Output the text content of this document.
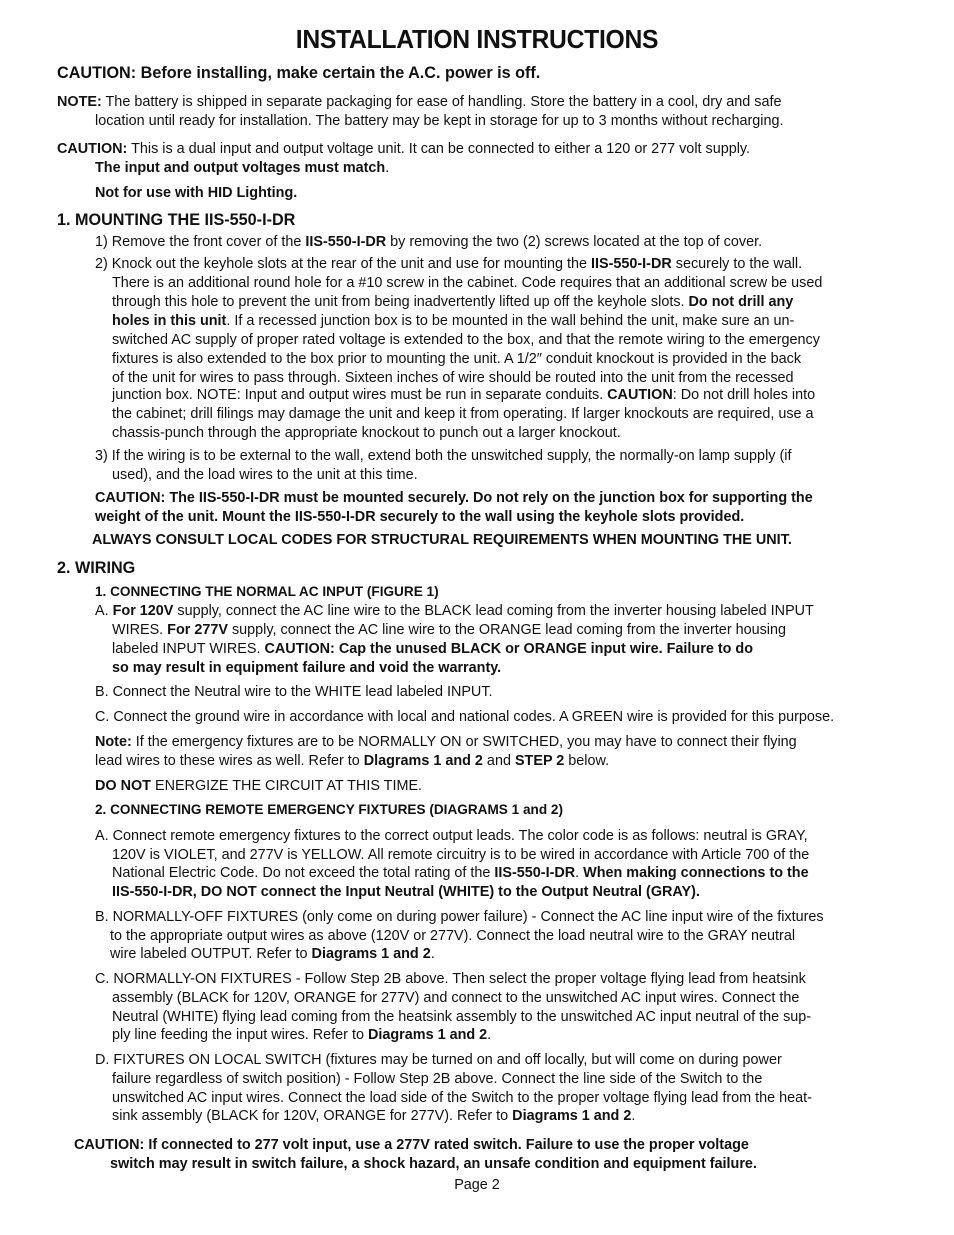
INSTALLATION INSTRUCTIONS
CAUTION: Before installing, make certain the A.C. power is off.
NOTE: The battery is shipped in separate packaging for ease of handling. Store the battery in a cool, dry and safe
location until ready for installation. The battery may be kept in storage for up to 3 months without recharging.
CAUTION: This is a dual input and output voltage unit. It can be connected to either a 120 or 277 volt supply.
The input and output voltages must match.
Not for use with HID Lighting.
1. MOUNTING THE IIS-550-I-DR
1) Remove the front cover of the IIS-550-I-DR by removing the two (2) screws located at the top of cover.
2) Knock out the keyhole slots at the rear of the unit and use for mounting the IIS-550-I-DR securely to the wall.
There is an additional round hole for a #10 screw in the cabinet. Code requires that an additional screw be used
through this hole to prevent the unit from being inadvertently lifted up off the keyhole slots. Do not drill any
holes in this unit. If a recessed junction box is to be mounted in the wall behind the unit, make sure an un-
switched AC supply of proper rated voltage is extended to the box, and that the remote wiring to the emergency
fixtures is also extended to the box prior to mounting the unit. A 1/2″ conduit knockout is provided in the back
of the unit for wires to pass through. Sixteen inches of wire should be routed into the unit from the recessed
junction box. NOTE: Input and output wires must be run in separate conduits. CAUTION: Do not drill holes into
the cabinet; drill filings may damage the unit and keep it from operating. If larger knockouts are required, use a
chassis-punch through the appropriate knockout to punch out a larger knockout.
3) If the wiring is to be external to the wall, extend both the unswitched supply, the normally-on lamp supply (if
used), and the load wires to the unit at this time.
CAUTION: The IIS-550-I-DR must be mounted securely. Do not rely on the junction box for supporting the
weight of the unit. Mount the IIS-550-I-DR securely to the wall using the keyhole slots provided.
ALWAYS CONSULT LOCAL CODES FOR STRUCTURAL REQUIREMENTS WHEN MOUNTING THE UNIT.
2. WIRING
1. CONNECTING THE NORMAL AC INPUT (FIGURE 1)
A. For 120V supply, connect the AC line wire to the BLACK lead coming from the inverter housing labeled INPUT
WIRES. For 277V supply, connect the AC line wire to the ORANGE lead coming from the inverter housing
labeled INPUT WIRES. CAUTION: Cap the unused BLACK or ORANGE input wire. Failure to do
so may result in equipment failure and void the warranty.
B. Connect the Neutral wire to the WHITE lead labeled INPUT.
C. Connect the ground wire in accordance with local and national codes. A GREEN wire is provided for this purpose.
Note: If the emergency fixtures are to be NORMALLY ON or SWITCHED, you may have to connect their flying
lead wires to these wires as well. Refer to Dlagrams 1 and 2 and STEP 2 below.
DO NOT ENERGIZE THE CIRCUIT AT THIS TIME.
2. CONNECTING REMOTE EMERGENCY FIXTURES (DIAGRAMS 1 and 2)
A. Connect remote emergency fixtures to the correct output leads. The color code is as follows: neutral is GRAY,
120V is VIOLET, and 277V is YELLOW. All remote circuitry is to be wired in accordance with Article 700 of the
National Electric Code. Do not exceed the total rating of the IIS-550-I-DR. When making connections to the
IIS-550-I-DR, DO NOT connect the Input Neutral (WHITE) to the Output Neutral (GRAY).
B. NORMALLY-OFF FIXTURES (only come on during power failure) - Connect the AC line input wire of the fixtures
to the appropriate output wires as above (120V or 277V). Connect the load neutral wire to the GRAY neutral
wire labeled OUTPUT. Refer to Diagrams 1 and 2.
C. NORMALLY-ON FIXTURES - Follow Step 2B above. Then select the proper voltage flying lead from heatsink
assembly (BLACK for 120V, ORANGE for 277V) and connect to the unswitched AC input wires. Connect the
Neutral (WHITE) flying lead coming from the heatsink assembly to the unswitched AC input neutral of the sup-
ply line feeding the input wires. Refer to Diagrams 1 and 2.
D. FIXTURES ON LOCAL SWITCH (fixtures may be turned on and off locally, but will come on during power
failure regardless of switch position) - Follow Step 2B above. Connect the line side of the Switch to the
unswitched AC input wires. Connect the load side of the Switch to the proper voltage flying lead from the heat-
sink assembly (BLACK for 120V, ORANGE for 277V). Refer to Diagrams 1 and 2.
CAUTION: If connected to 277 volt input, use a 277V rated switch. Failure to use the proper voltage
switch may result in switch failure, a shock hazard, an unsafe condition and equipment failure.
Page 2
